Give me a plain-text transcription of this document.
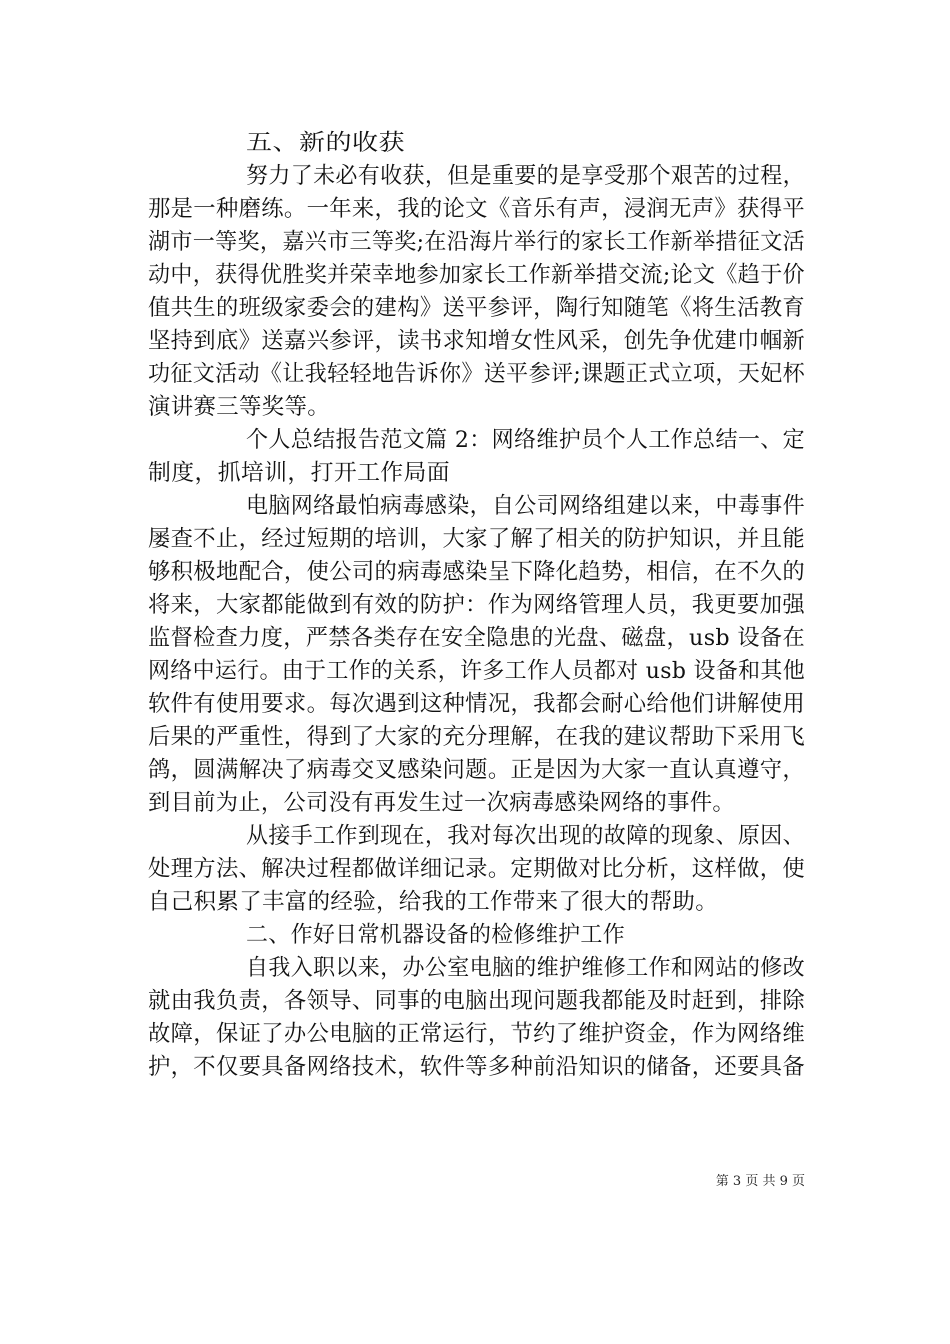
五、新的收获
努力了未必有收获，但是重要的是享受那个艰苦的过程，
那是一种磨练。一年来，我的论文《音乐有声，浸润无声》获得平
湖市一等奖，嘉兴市三等奖;在沿海片举行的家长工作新举措征文活
动中，获得优胜奖并荣幸地参加家长工作新举措交流;论文《趋于价
值共生的班级家委会的建构》送平参评，陶行知随笔《将生活教育
坚持到底》送嘉兴参评，读书求知增女性风采，创先争优建巾帼新
功征文活动《让我轻轻地告诉你》送平参评;课题正式立项，天妃杯
演讲赛三等奖等。
个人总结报告范文篇 2：网络维护员个人工作总结一、定
制度，抓培训，打开工作局面
电脑网络最怕病毒感染，自公司网络组建以来，中毒事件
屡查不止，经过短期的培训，大家了解了相关的防护知识，并且能
够积极地配合，使公司的病毒感染呈下降化趋势，相信，在不久的
将来，大家都能做到有效的防护：作为网络管理人员，我更要加强
监督检查力度，严禁各类存在安全隐患的光盘、磁盘，usb 设备在
网络中运行。由于工作的关系，许多工作人员都对 usb 设备和其他
软件有使用要求。每次遇到这种情况，我都会耐心给他们讲解使用
后果的严重性，得到了大家的充分理解，在我的建议帮助下采用飞
鸽，圆满解决了病毒交叉感染问题。正是因为大家一直认真遵守，
到目前为止，公司没有再发生过一次病毒感染网络的事件。
从接手工作到现在，我对每次出现的故障的现象、原因、
处理方法、解决过程都做详细记录。定期做对比分析，这样做，使
自己积累了丰富的经验，给我的工作带来了很大的帮助。
二、作好日常机器设备的检修维护工作
自我入职以来，办公室电脑的维护维修工作和网站的修改
就由我负责，各领导、同事的电脑出现问题我都能及时赶到，排除
故障，保证了办公电脑的正常运行，节约了维护资金，作为网络维
护，不仅要具备网络技术，软件等多种前沿知识的储备，还要具备
第 3 页 共 9 页
